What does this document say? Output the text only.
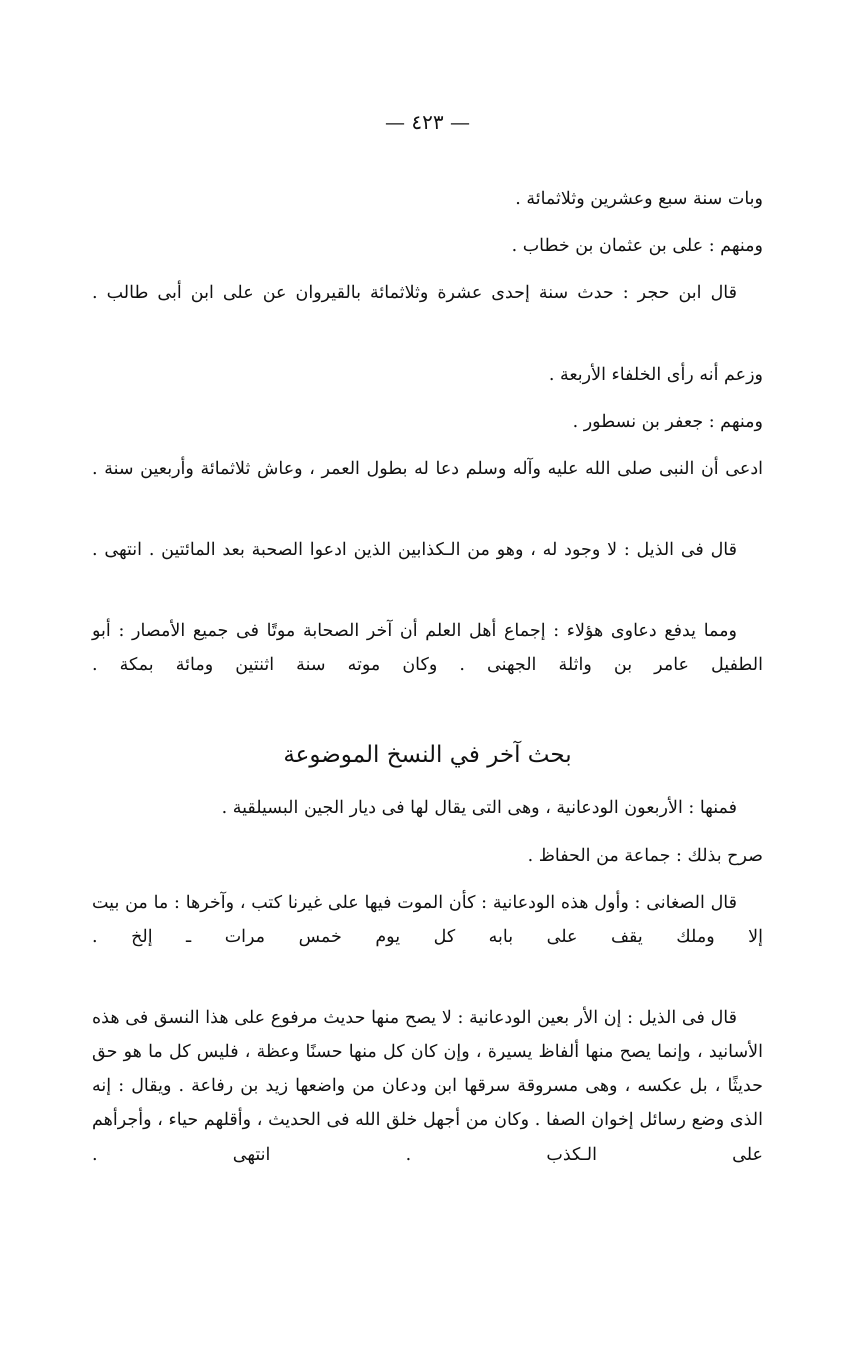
— ٤٢٣ —

وبات سنة سبع وعشرين وثلاثمائة .

ومنهم : على بن عثمان بن خطاب .

قال ابن حجر : حدث سنة إحدى عشرة وثلاثمائة بالقيروان عن على ابن أبى طالب .

وزعم أنه رأى الخلفاء الأربعة .

ومنهم : جعفر بن نسطور .

ادعى أن النبى صلى الله عليه وآله وسلم دعا له بطول العمر ، وعاش ثلاثمائة وأربعين سنة .

قال فى الذيل : لا وجود له ، وهو من الـكذابين الذين ادعوا الصحبة بعد المائتين . انتهى .

ومما يدفع دعاوى هؤلاء : إجماع أهل العلم أن آخر الصحابة موتًا فى جميع الأمصار : أبو الطفيل عامر بن واثلة الجهنى . وكان موته سنة اثنتين ومائة بمكة .

بحث آخر في النسخ الموضوعة

فمنها : الأربعون الودعانية ، وهى التى يقال لها فى ديار الجين البسيلقية .

صرح بذلك : جماعة من الحفاظ .

قال الصغانى : وأول هذه الودعانية : كأن الموت فيها على غيرنا كتب ، وآخرها : ما من بيت إلا وملك يقف على بابه كل يوم خمس مرات ـ إلخ .

قال فى الذيل : إن الأر بعين الودعانية : لا يصح منها حديث مرفوع على هذا النسق فى هذه الأسانيد ، وإنما يصح منها ألفاظ يسيرة ، وإن كان كل منها حسنًا وعظة ، فليس كل ما هو حق حديثًا ، بل عكسه ، وهى مسروقة سرقها ابن ودعان من واضعها زيد بن رفاعة . ويقال : إنه الذى وضع رسائل إخوان الصفا . وكان من أجهل خلق الله فى الحديث ، وأقلهم حياء ، وأجرأهم على الـكذب . انتهى .
